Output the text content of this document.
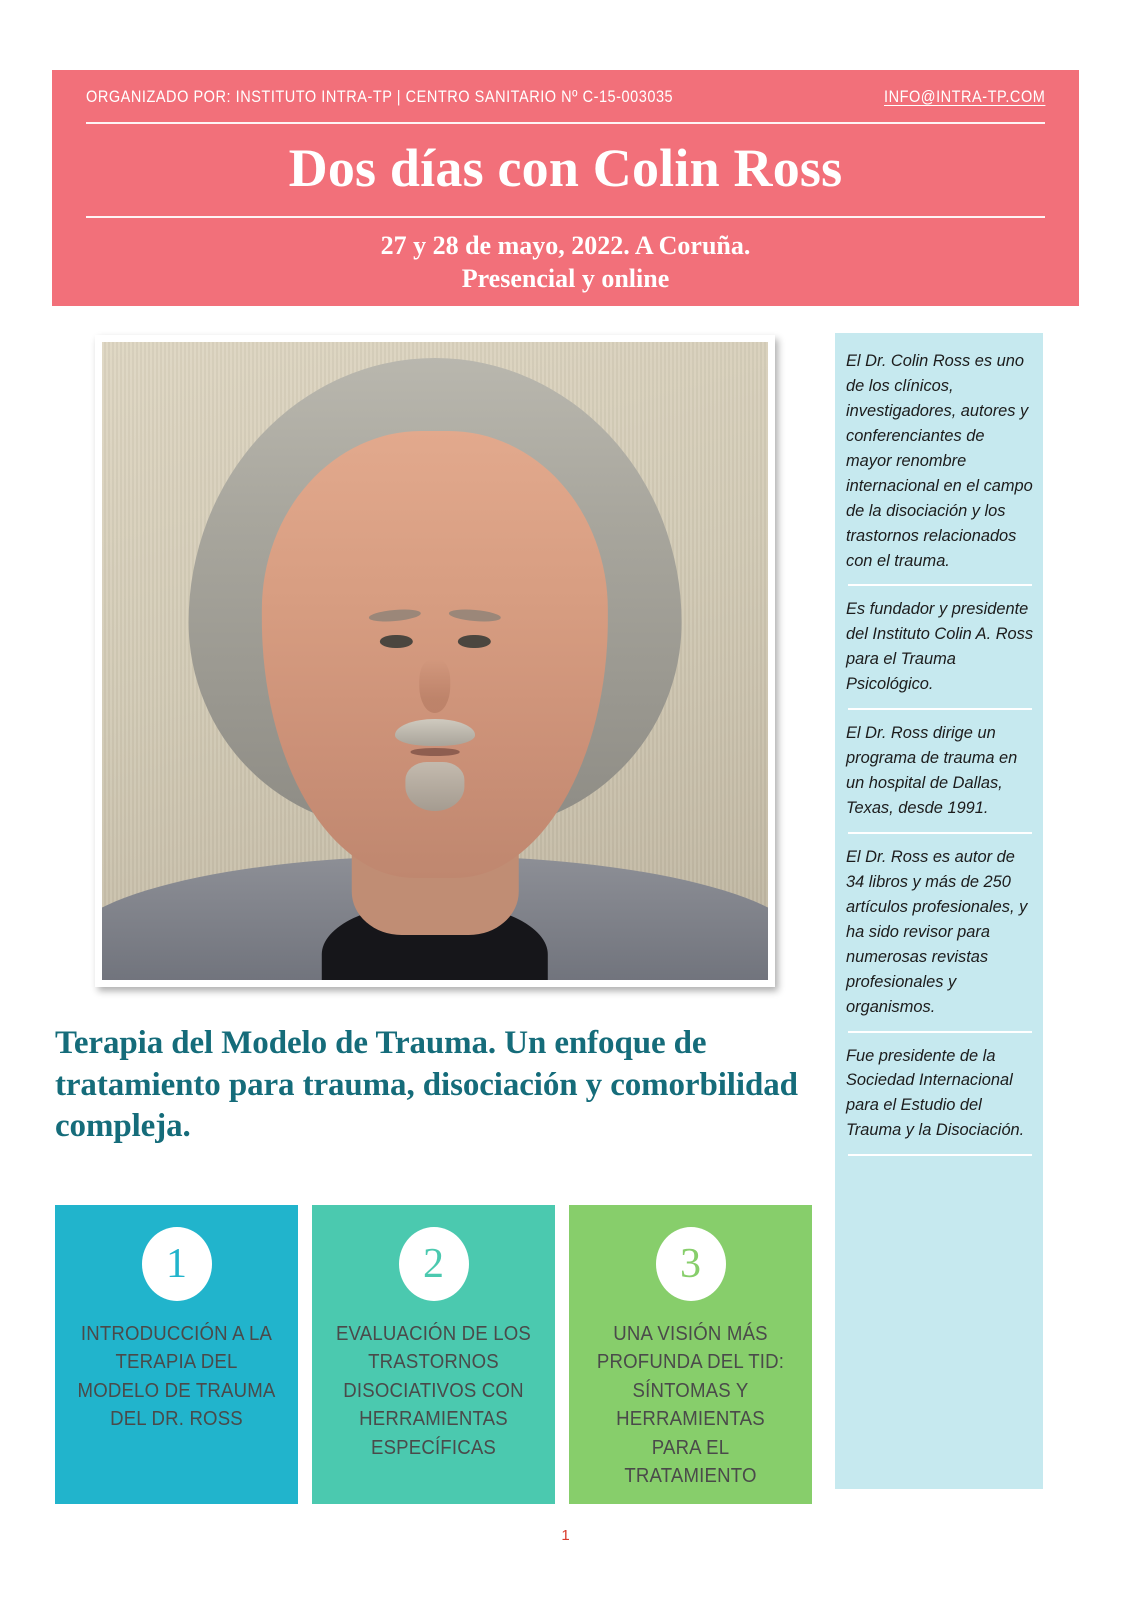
ORGANIZADO POR: INSTITUTO INTRA-TP | CENTRO SANITARIO Nº C-15-003035	INFO@INTRA-TP.COM
Dos días con Colin Ross
27 y 28 de mayo, 2022. A Coruña.
Presencial y online
Terapia del Modelo de Trauma. Un enfoque de tratamiento para trauma, disociación y comorbilidad compleja.
El Dr. Colin Ross es uno de los clínicos, investigadores, autores y conferenciantes de mayor renombre internacional en el campo de la disociación y los trastornos relacionados con el trauma.
Es fundador y presidente del Instituto Colin A. Ross para el Trauma Psicológico.
El Dr. Ross dirige un programa de trauma en un hospital de Dallas, Texas, desde 1991.
El Dr. Ross es autor de 34 libros y más de 250 artículos profesionales, y ha sido revisor para numerosas revistas profesionales y organismos.
Fue presidente de la Sociedad Internacional para el Estudio del Trauma y la Disociación.
1
INTRODUCCIÓN A LA TERAPIA DEL MODELO DE TRAUMA DEL DR. ROSS
2
EVALUACIÓN DE LOS TRASTORNOS DISOCIATIVOS CON HERRAMIENTAS ESPECÍFICAS
3
UNA VISIÓN MÁS PROFUNDA DEL TID: SÍNTOMAS Y HERRAMIENTAS PARA EL TRATAMIENTO
1
